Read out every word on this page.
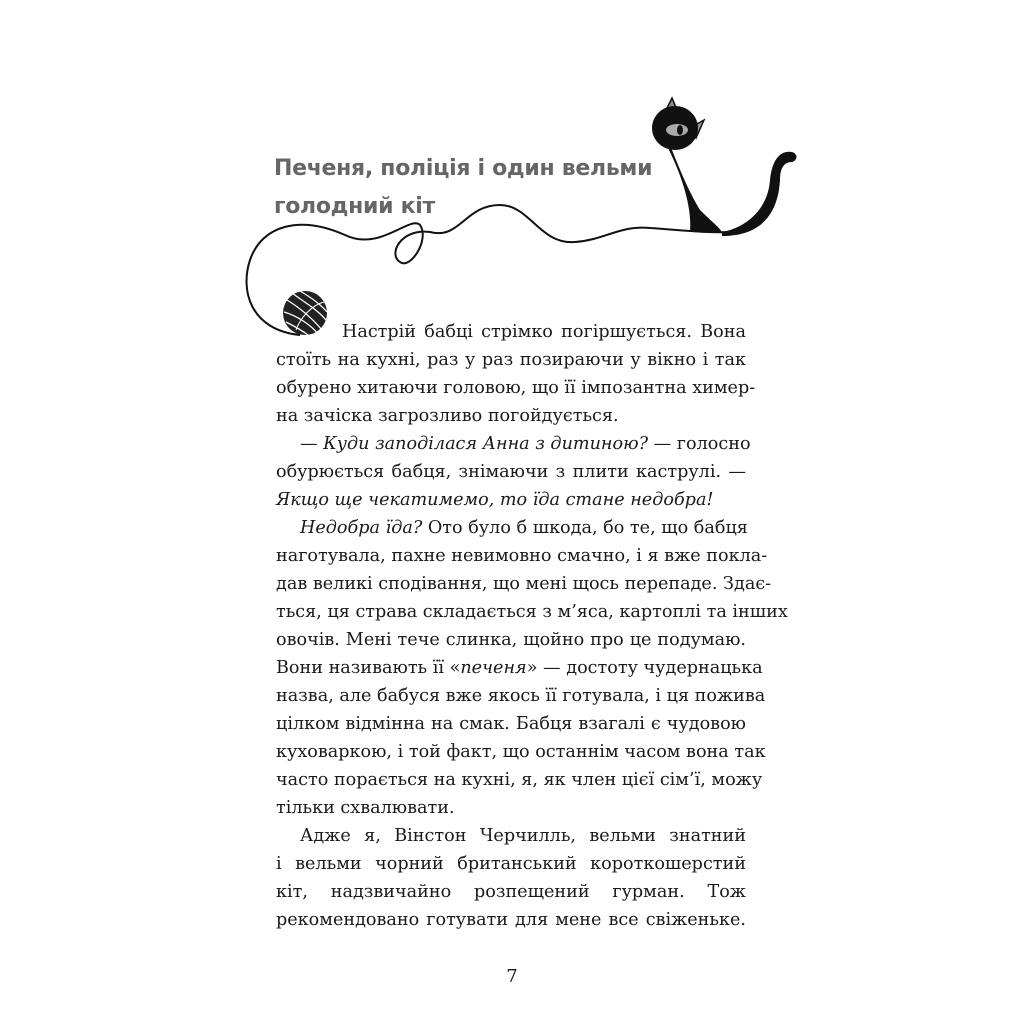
Печеня, поліція і один вельми
голодний кіт
Настрій бабці стрімко погіршується. Вона
стоїть на кухні, раз у раз позираючи у вікно і так
обурено хитаючи головою, що її імпозантна химер-
на зачіска загрозливо погойдується.
— Куди заподілася Анна з дитиною? — голосно
обурюється бабця, знімаючи з плити каструлі. —
Якщо ще чекатимемо, то їда стане недобра!
Недобра їда? Ото було б шкода, бо те, що бабця
наготувала, пахне невимовно смачно, і я вже покла-
дав великі сподівання, що мені щось перепаде. Здає-
ться, ця страва складається з м’яса, картоплі та інших
овочів. Мені тече слинка, щойно про це подумаю.
Вони називають її «печеня» — достоту чудернацька
назва, але бабуся вже якось її готувала, і ця пожива
цілком відмінна на смак. Бабця взагалі є чудовою
куховаркою, і той факт, що останнім часом вона так
часто порається на кухні, я, як член цієї сім’ї, можу
тільки схвалювати.
Адже я, Вінстон Черчилль, вельми знатний
і вельми чорний британський короткошерстий
кіт, надзвичайно розпещений гурман. Тож
рекомендовано готувати для мене все свіженьке.
7
